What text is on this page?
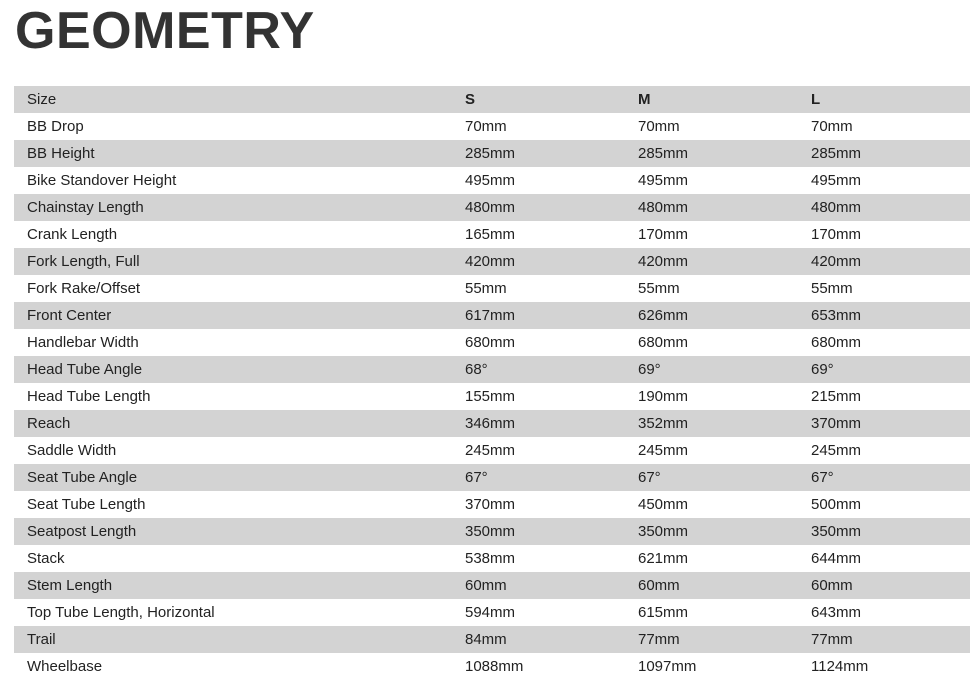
GEOMETRY
Size	S	M	L
BB Drop	70mm	70mm	70mm
BB Height	285mm	285mm	285mm
Bike Standover Height	495mm	495mm	495mm
Chainstay Length	480mm	480mm	480mm
Crank Length	165mm	170mm	170mm
Fork Length, Full	420mm	420mm	420mm
Fork Rake/Offset	55mm	55mm	55mm
Front Center	617mm	626mm	653mm
Handlebar Width	680mm	680mm	680mm
Head Tube Angle	68°	69°	69°
Head Tube Length	155mm	190mm	215mm
Reach	346mm	352mm	370mm
Saddle Width	245mm	245mm	245mm
Seat Tube Angle	67°	67°	67°
Seat Tube Length	370mm	450mm	500mm
Seatpost Length	350mm	350mm	350mm
Stack	538mm	621mm	644mm
Stem Length	60mm	60mm	60mm
Top Tube Length, Horizontal	594mm	615mm	643mm
Trail	84mm	77mm	77mm
Wheelbase	1088mm	1097mm	1124mm
